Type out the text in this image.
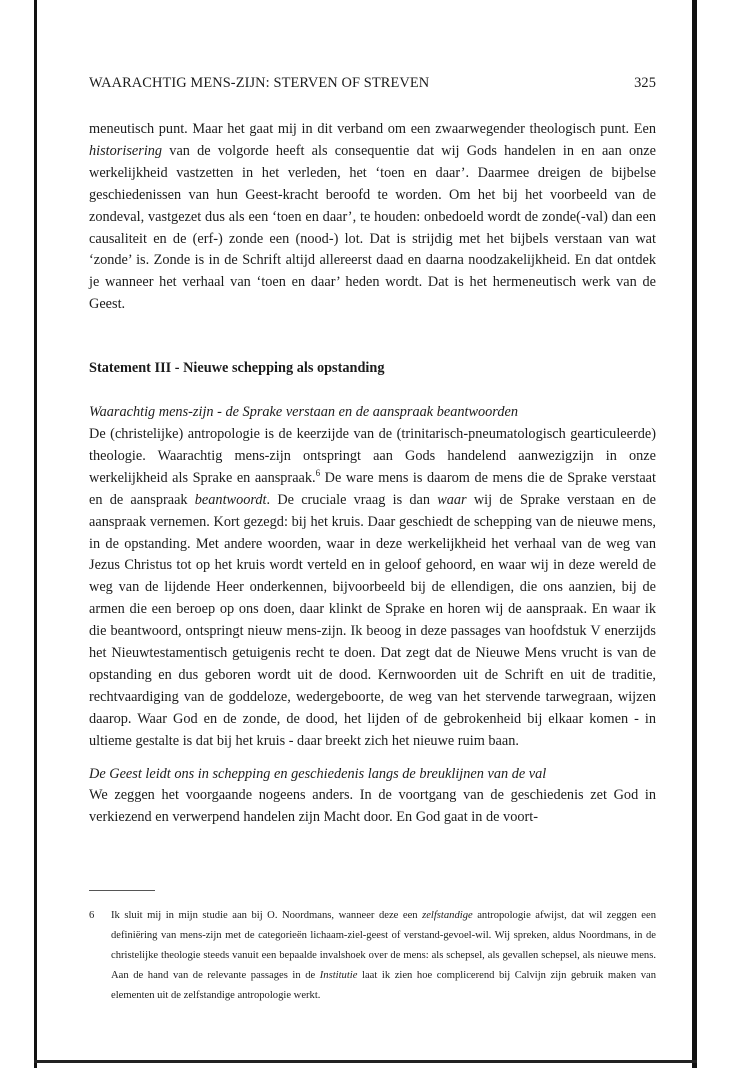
WAARACHTIG MENS-ZIJN: STERVEN OF STREVEN	325

meneutisch punt. Maar het gaat mij in dit verband om een zwaarwegender theologisch punt. Een historisering van de volgorde heeft als consequentie dat wij Gods handelen in en aan onze werkelijkheid vastzetten in het verleden, het ‘toen en daar’. Daarmee dreigen de bijbelse geschiedenissen van hun Geest-kracht beroofd te worden. Om het bij het voorbeeld van de zondeval, vastgezet dus als een ‘toen en daar’, te houden: onbedoeld wordt de zonde(-val) dan een causaliteit en de (erf-) zonde een (nood-) lot. Dat is strijdig met het bijbels verstaan van wat ‘zonde’ is. Zonde is in de Schrift altijd allereerst daad en daarna noodzakelijkheid. En dat ontdek je wanneer het verhaal van ‘toen en daar’ heden wordt. Dat is het hermeneutisch werk van de Geest.

Statement III - Nieuwe schepping als opstanding
Waarachtig mens-zijn - de Sprake verstaan en de aanspraak beantwoorden

De (christelijke) antropologie is de keerzijde van de (trinitarisch-pneumatologisch gearticuleerde) theologie. Waarachtig mens-zijn ontspringt aan Gods handelend aanwezigzijn in onze werkelijkheid als Sprake en aanspraak.$^6$ De ware mens is daarom de mens die de Sprake verstaat en de aanspraak beantwoordt. De cruciale vraag is dan waar wij de Sprake verstaan en de aanspraak vernemen. Kort gezegd: bij het kruis. Daar geschiedt de schepping van de nieuwe mens, in de opstanding. Met andere woorden, waar in deze werkelijkheid het verhaal van de weg van Jezus Christus tot op het kruis wordt verteld en in geloof gehoord, en waar wij in deze wereld de weg van de lijdende Heer onderkennen, bijvoorbeeld bij de ellendigen, die ons aanzien, bij de armen die een beroep op ons doen, daar klinkt de Sprake en horen wij de aanspraak. En waar ik die beantwoord, ontspringt nieuw mens-zijn. Ik beoog in deze passages van hoofdstuk V enerzijds het Nieuwtestamentisch getuigenis recht te doen. Dat zegt dat de Nieuwe Mens vrucht is van de opstanding en dus geboren wordt uit de dood. Kernwoorden uit de Schrift en uit de traditie, rechtvaardiging van de goddeloze, wedergeboorte, de weg van het stervende tarwegraan, wijzen daarop. Waar God en de zonde, de dood, het lijden of de gebrokenheid bij elkaar komen - in ultieme gestalte is dat bij het kruis - daar breekt zich het nieuwe ruim baan.

De Geest leidt ons in schepping en geschiedenis langs de breuklijnen van de val

We zeggen het voorgaande nogeens anders. In de voortgang van de geschiedenis zet God in verkiezend en verwerpend handelen zijn Macht door. En God gaat in de voort-

6 Ik sluit mij in mijn studie aan bij O. Noordmans, wanneer deze een zelfstandige antropologie afwijst, dat wil zeggen een definiëring van mens-zijn met de categorieën lichaam-ziel-geest of verstand-gevoel-wil. Wij spreken, aldus Noordmans, in de christelijke theologie steeds vanuit een bepaalde invalshoek over de mens: als schepsel, als gevallen schepsel, als nieuwe mens. Aan de hand van de relevante passages in de Institutie laat ik zien hoe complicerend bij Calvijn zijn gebruik maken van elementen uit de zelfstandige antropologie werkt.
